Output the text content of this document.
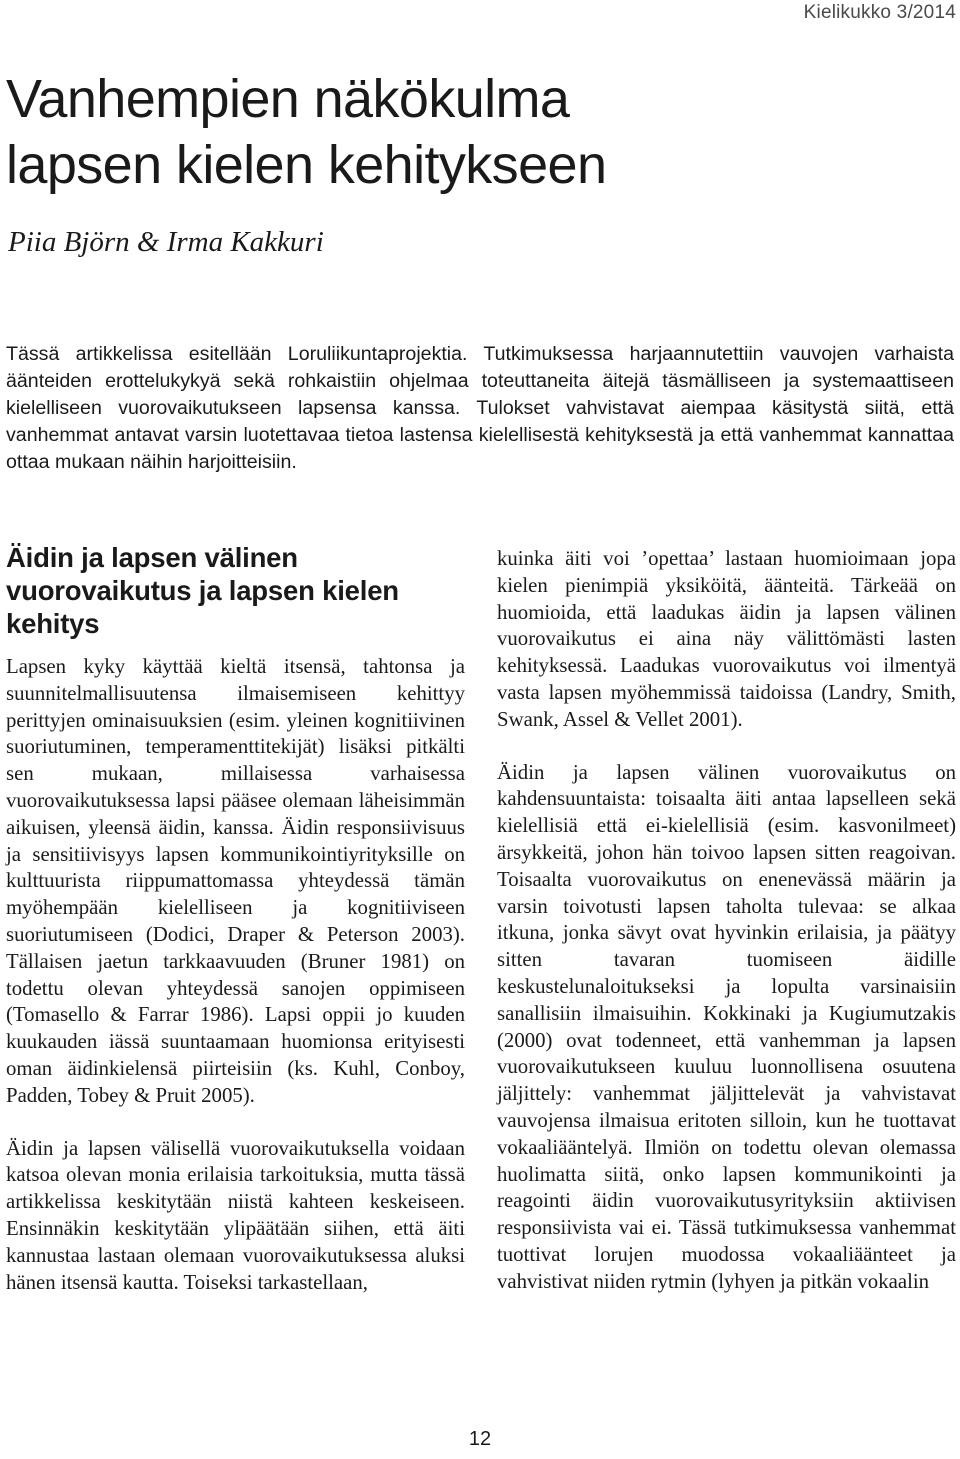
Kielikukko 3/2014
Vanhempien näkökulma
lapsen kielen kehitykseen
Piia Björn & Irma Kakkuri

Tässä artikkelissa esitellään Loruliikuntaprojektia. Tutkimuksessa harjaannutettiin vauvojen varhaista äänteiden erottelukykyä sekä rohkaistiin ohjelmaa toteuttaneita äitejä täsmälliseen ja systemaattiseen kielelliseen vuorovaikutukseen lapsensa kanssa. Tulokset vahvistavat aiempaa käsitystä siitä, että vanhemmat antavat varsin luotettavaa tietoa lastensa kielellisestä kehityksestä ja että vanhemmat kannattaa ottaa mukaan näihin harjoitteisiin.

Äidin ja lapsen välinen vuorovaikutus ja lapsen kielen kehitys

Lapsen kyky käyttää kieltä itsensä, tahtonsa ja suunnitelmallisuutensa ilmaisemiseen kehittyy perittyjen ominaisuuksien (esim. yleinen kognitiivinen suoriutuminen, temperamenttitekijät) lisäksi pitkälti sen mukaan, millaisessa varhaisessa vuorovaikutuksessa lapsi pääsee olemaan läheisimmän aikuisen, yleensä äidin, kanssa. Äidin responsiivisuus ja sensitiivisyys lapsen kommunikointiyrityksille on kulttuurista riippumattomassa yhteydessä tämän myöhempään kielelliseen ja kognitiiviseen suoriutumiseen (Dodici, Draper & Peterson 2003). Tällaisen jaetun tarkkaavuuden (Bruner 1981) on todettu olevan yhteydessä sanojen oppimiseen (Tomasello & Farrar 1986). Lapsi oppii jo kuuden kuukauden iässä suuntaamaan huomionsa erityisesti oman äidinkielensä piirteisiin (ks. Kuhl, Conboy, Padden, Tobey & Pruit 2005).

Äidin ja lapsen välisellä vuorovaikutuksella voidaan katsoa olevan monia erilaisia tarkoituksia, mutta tässä artikkelissa keskitytään niistä kahteen keskeiseen. Ensinnäkin keskitytään ylipäätään siihen, että äiti kannustaa lastaan olemaan vuorovaikutuksessa aluksi hänen itsensä kautta. Toiseksi tarkastellaan,

kuinka äiti voi ’opettaa’ lastaan huomioimaan jopa kielen pienimpiä yksiköitä, äänteitä. Tärkeää on huomioida, että laadukas äidin ja lapsen välinen vuorovaikutus ei aina näy välittömästi lasten kehityksessä. Laadukas vuorovaikutus voi ilmentyä vasta lapsen myöhemmissä taidoissa (Landry, Smith, Swank, Assel & Vellet 2001).

Äidin ja lapsen välinen vuorovaikutus on kahdensuuntaista: toisaalta äiti antaa lapselleen sekä kielellisiä että ei-kielellisiä (esim. kasvonilmeet) ärsykkeitä, johon hän toivoo lapsen sitten reagoivan. Toisaalta vuorovaikutus on enenevässä määrin ja varsin toivotusti lapsen taholta tulevaa: se alkaa itkuna, jonka sävyt ovat hyvinkin erilaisia, ja päätyy sitten tavaran tuomiseen äidille keskustelunaloitukseksi ja lopulta varsinaisiin sanallisiin ilmaisuihin. Kokkinaki ja Kugiumutzakis (2000) ovat todenneet, että vanhemman ja lapsen vuorovaikutukseen kuuluu luonnollisena osuutena jäljittely: vanhemmat jäljittelevät ja vahvistavat vauvojensa ilmaisua eritoten silloin, kun he tuottavat vokaaliääntelyä. Ilmiön on todettu olevan olemassa huolimatta siitä, onko lapsen kommunikointi ja reagointi äidin vuorovaikutusyrityksiin aktiivisen responsiivista vai ei. Tässä tutkimuksessa vanhemmat tuottivat lorujen muodossa vokaaliäänteet ja vahvistivat niiden rytmin (lyhyen ja pitkän vokaalin

12
